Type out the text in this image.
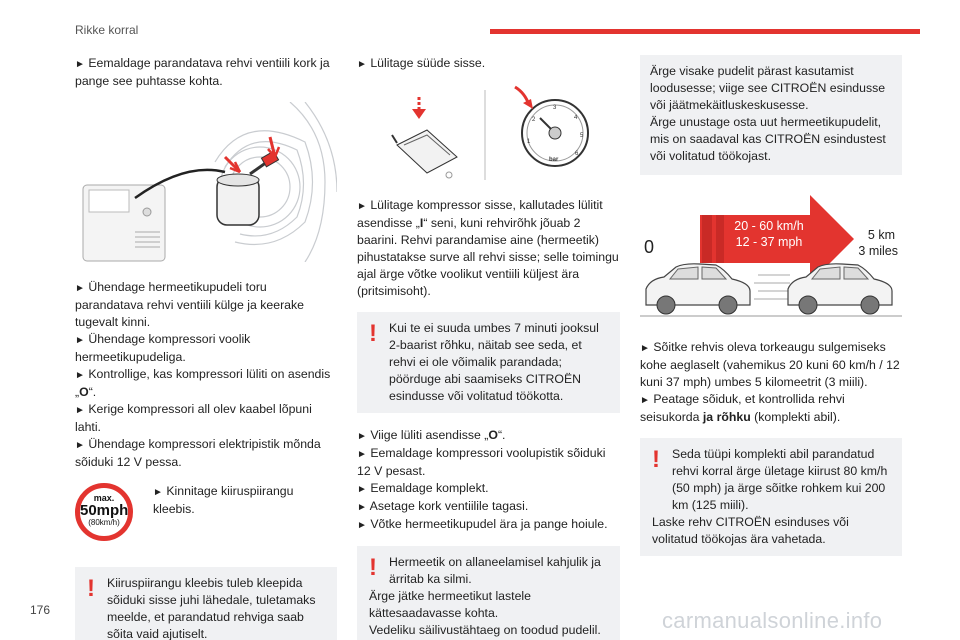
Rikke korral

► Eemaldage parandatava rehvi ventiili kork ja pange see puhtasse kohta.

► Ühendage hermeetikupudeli toru parandatava rehvi ventiili külge ja keerake tugevalt kinni.

► Ühendage kompressori voolik hermeetikupudeliga.

► Kontrollige, kas kompressori lüliti on asendis „O“.

► Kerige kompressori all olev kaabel lõpuni lahti.

► Ühendage kompressori elektripistik mõnda sõiduki 12 V pessa.

max.
50mph
(80km/h)
► Kinnitage kiiruspiirangu kleebis.
! Kiiruspiirangu kleebis tuleb kleepida sõiduki sisse juhi lähedale, tuletamaks meelde, et parandatud rehviga saab sõita vaid ajutiselt.

► Lülitage süüde sisse.

1
2
3
4
5
6
bar

► Lülitage kompressor sisse, kallutades lülitit asendisse „I“ seni, kuni rehvirõhk jõuab 2 baarini. Rehvi parandamise aine (hermeetik) pihustatakse surve all rehvi sisse; selle toimingu ajal ärge võtke voolikut ventiili küljest ära (pritsimisoht).

! Kui te ei suuda umbes 7 minuti jooksul 2-baarist rõhku, näitab see seda, et rehvi ei ole võimalik parandada; pöörduge abi saamiseks CITROËN esindusse või volitatud töökotta.

► Viige lüliti asendisse „O“.

► Eemaldage kompressori voolupistik sõiduki 12 V pesast.

► Eemaldage komplekt.

► Asetage kork ventiilile tagasi.

► Võtke hermeetikupudel ära ja pange hoiule.

! Hermeetik on allaneelamisel kahjulik ja ärritab ka silmi.
Ärge jätke hermeetikut lastele kättesaadavasse kohta.
Vedeliku säilivustähtaeg on toodud pudelil.
Ärge visake pudelit pärast kasutamist loodusesse; viige see CITROËN esindusse või jäätmekäitluskeskusesse.
Ärge unustage osta uut hermeetikupudelit, mis on saadaval kas CITROËN esindustest või volitatud töökojast.
20 - 60 km/h
12 - 37 mph
0
5 km
3 miles

► Sõitke rehvis oleva torkeaugu sulgemiseks kohe aeglaselt (vahemikus 20 kuni 60 km/h / 12 kuni 37 mph) umbes 5 kilomeetrit (3 miili).

► Peatage sõiduk, et kontrollida rehvi seisukorda ja rõhku (komplekti abil).

! Seda tüüpi komplekti abil parandatud rehvi korral ärge ületage kiirust 80 km/h (50 mph) ja ärge sõitke rohkem kui 200 km (125 miili).
Laske rehv CITROËN esinduses või volitatud töökojas ära vahetada.
176	carmanualsonline.info
